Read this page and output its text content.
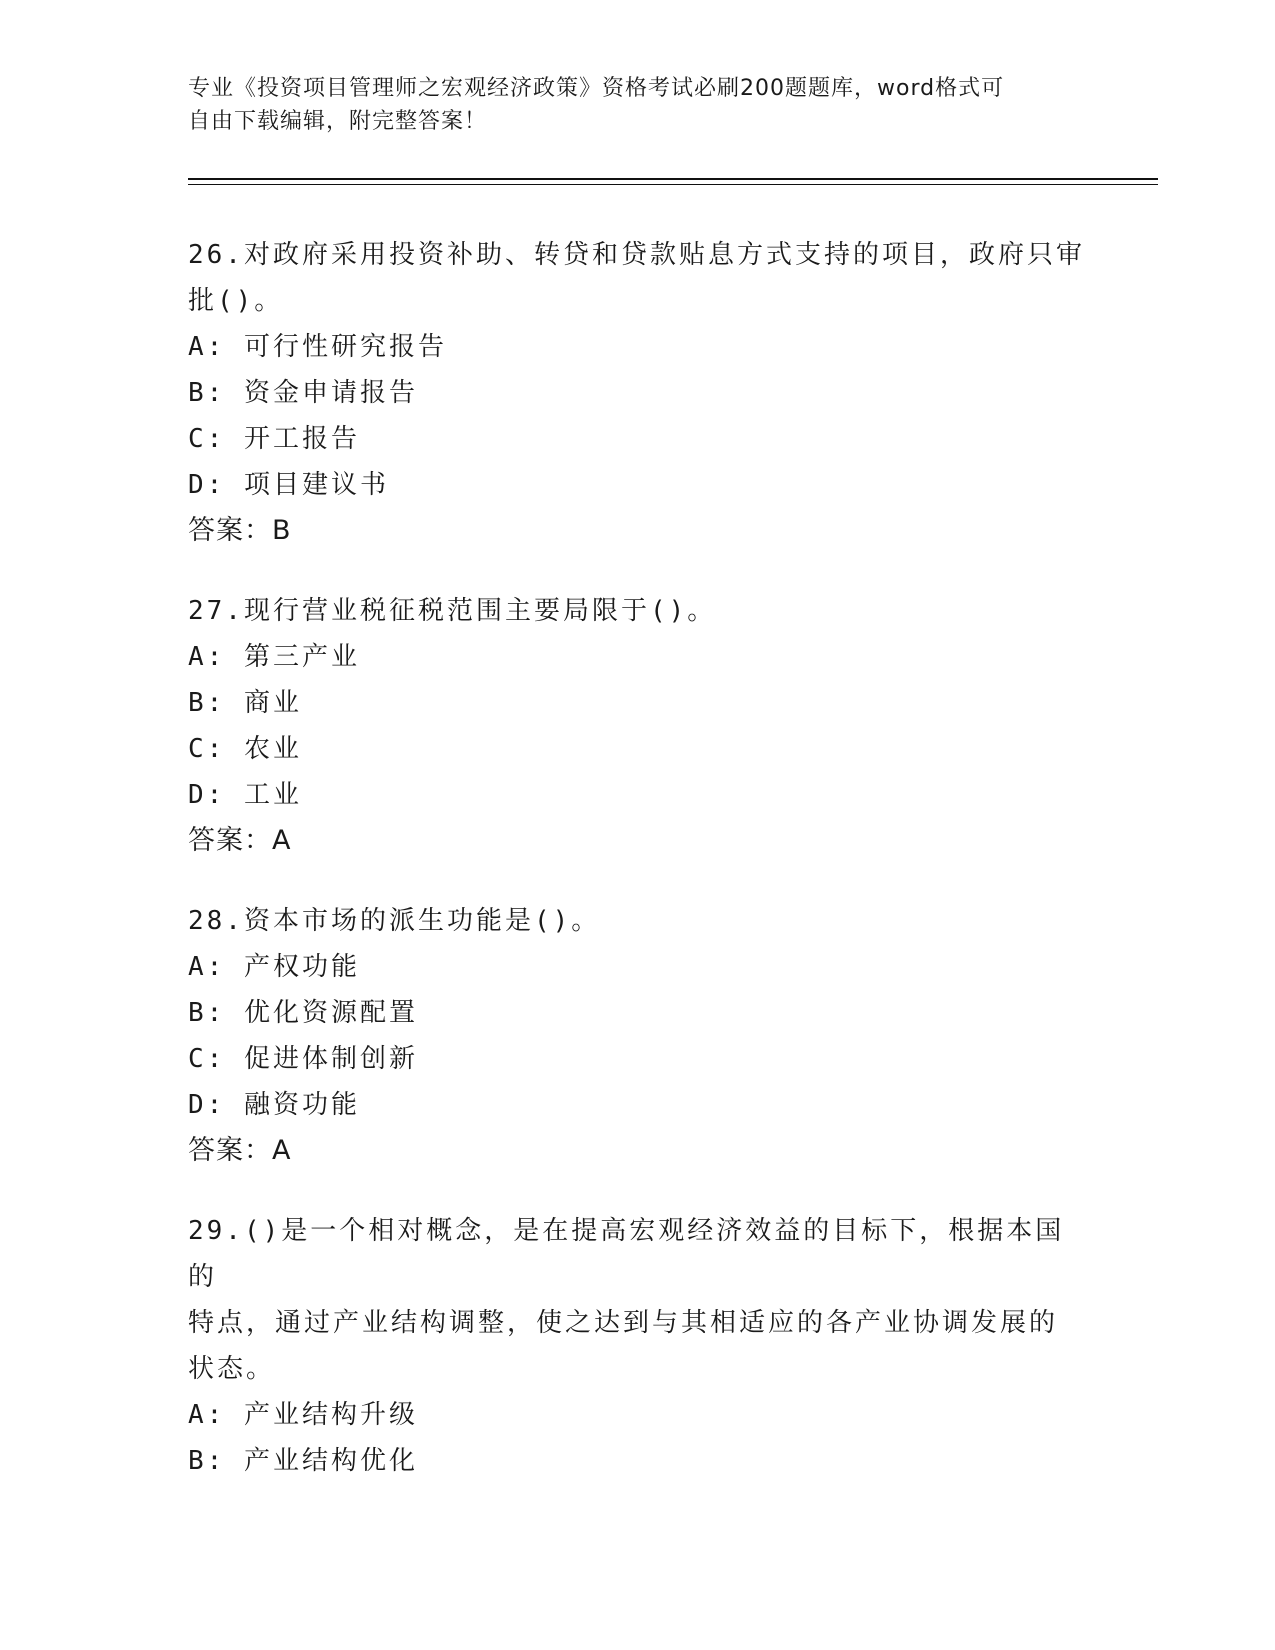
专业《投资项目管理师之宏观经济政策》资格考试必刷200题题库，word格式可
自由下载编辑，附完整答案！
26.对政府采用投资补助、转贷和贷款贴息方式支持的项目，政府只审
批()。
A: 可行性研究报告
B: 资金申请报告
C: 开工报告
D: 项目建议书
答案：B
27.现行营业税征税范围主要局限于()。
A: 第三产业
B: 商业
C: 农业
D: 工业
答案：A
28.资本市场的派生功能是()。
A: 产权功能
B: 优化资源配置
C: 促进体制创新
D: 融资功能
答案：A
29.()是一个相对概念，是在提高宏观经济效益的目标下，根据本国的
特点，通过产业结构调整，使之达到与其相适应的各产业协调发展的
状态。
A: 产业结构升级
B: 产业结构优化
